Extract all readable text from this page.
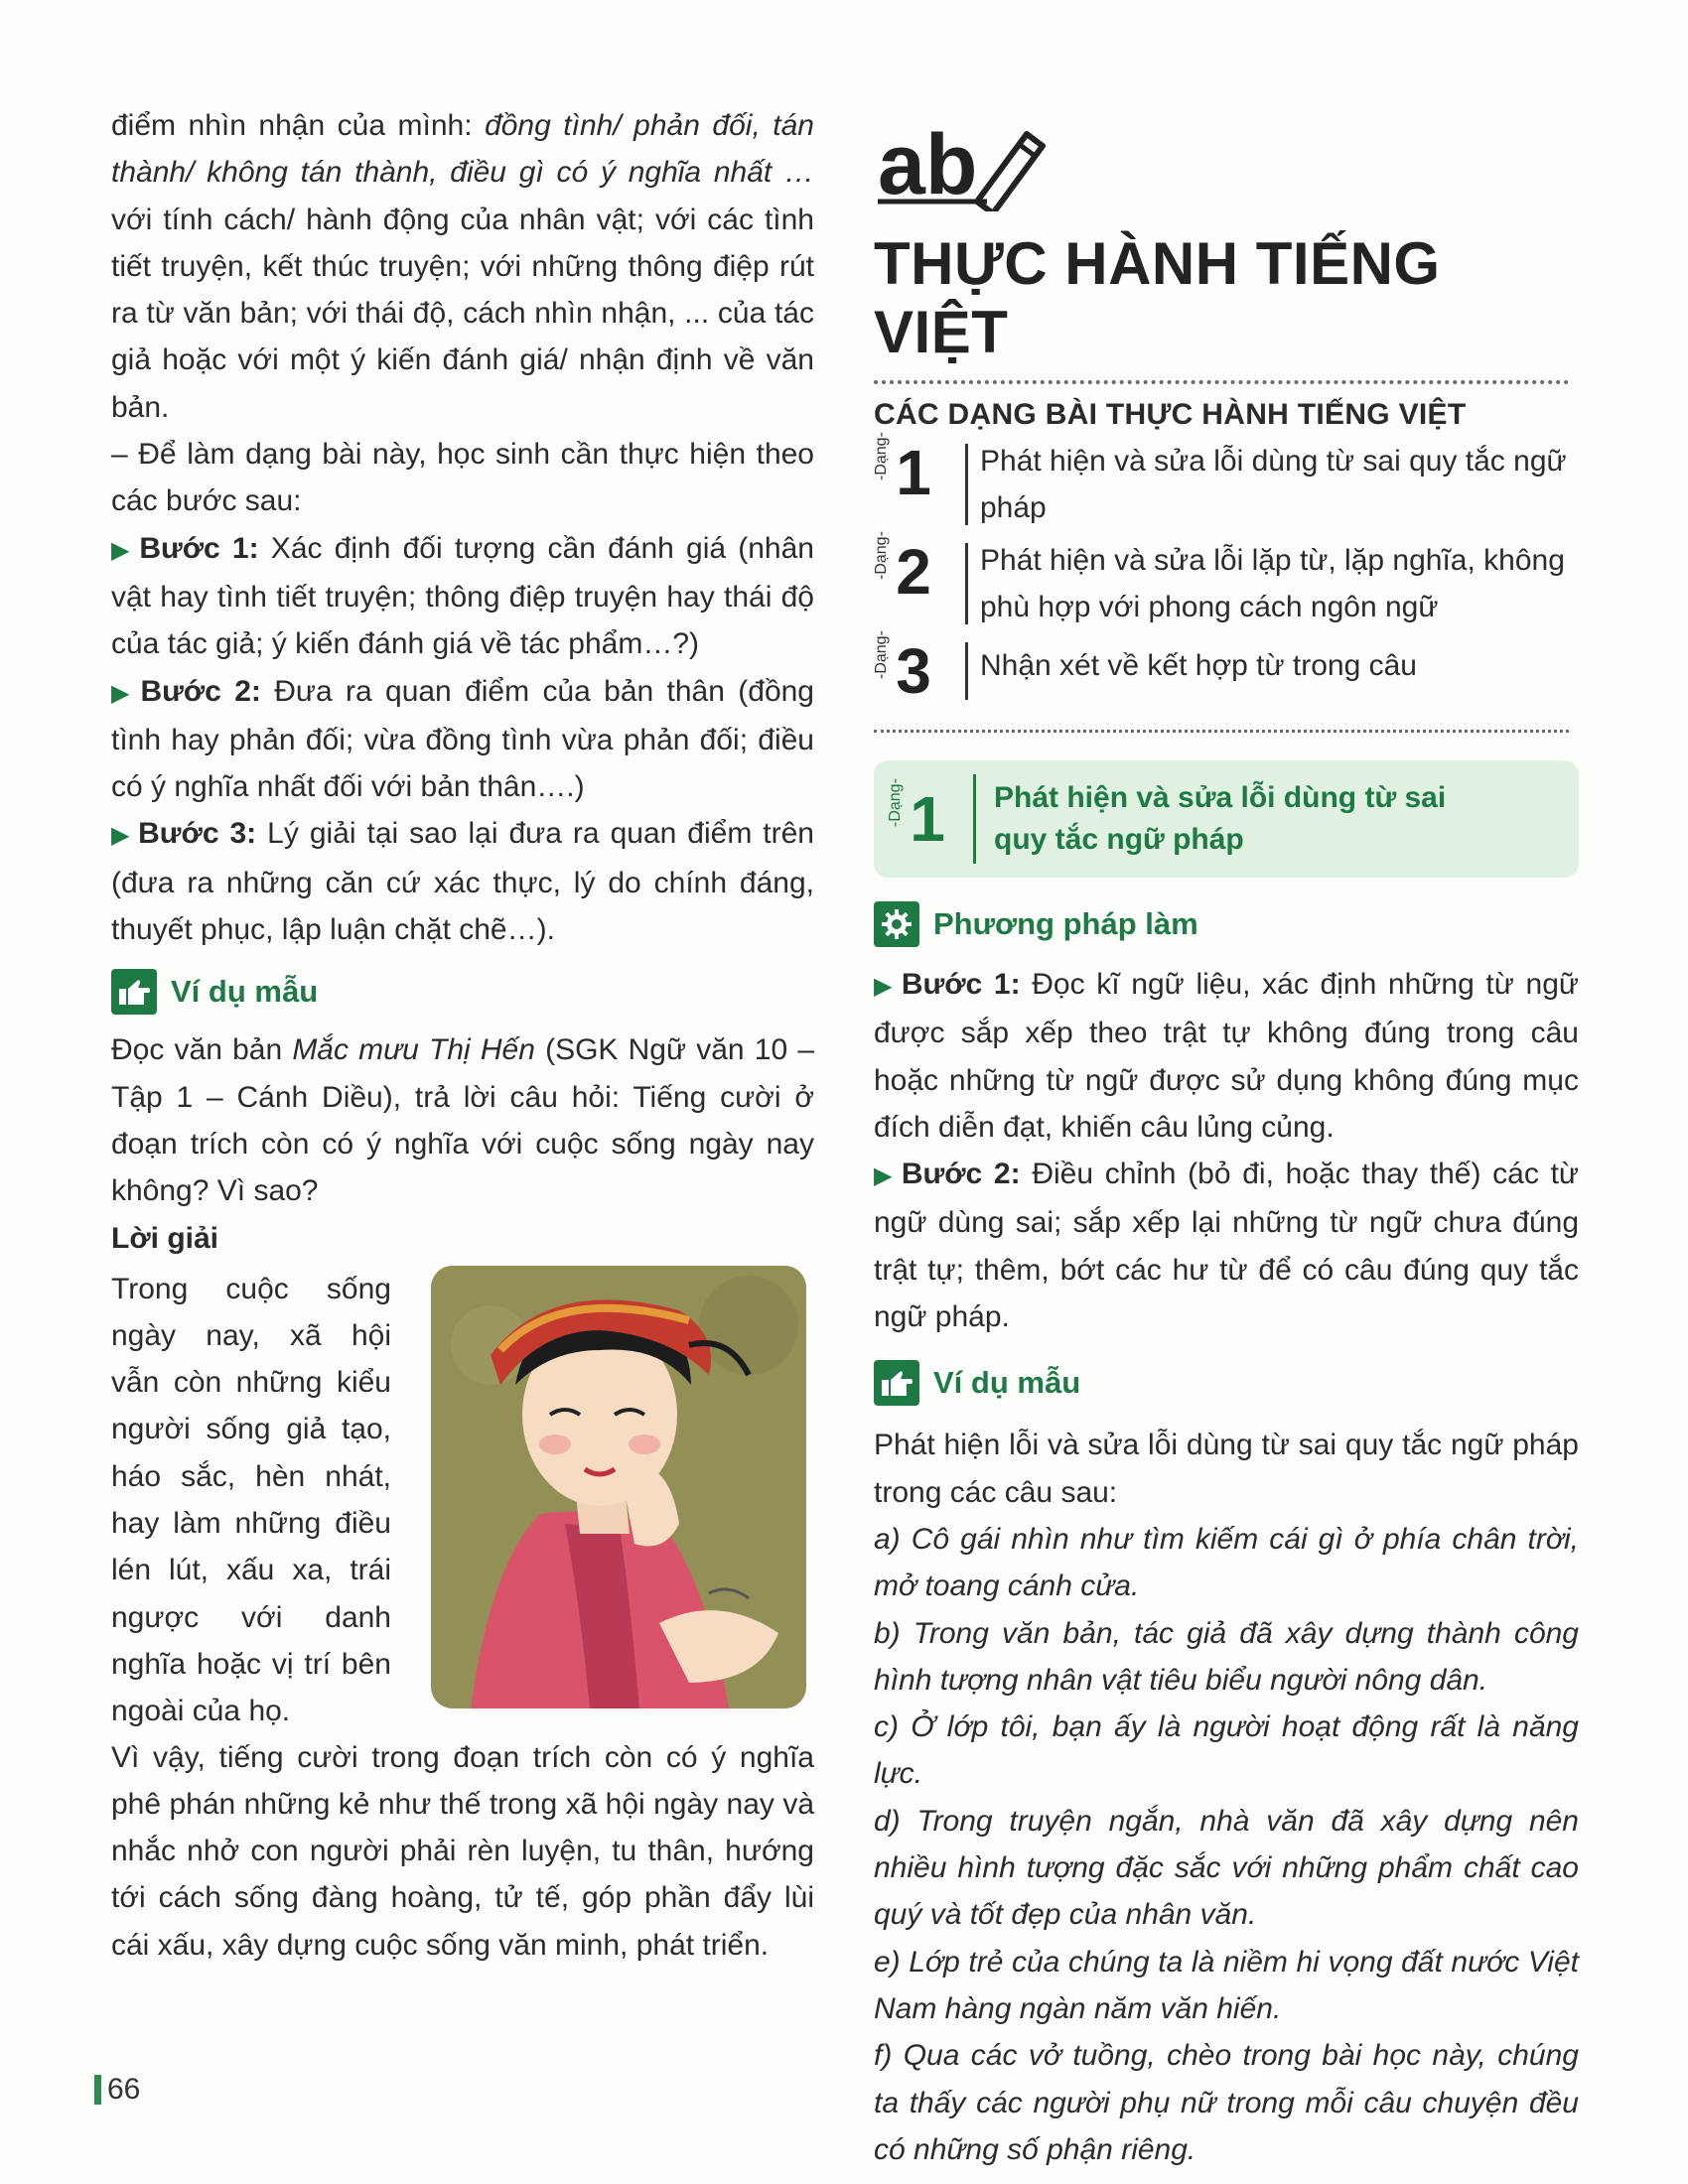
điểm nhìn nhận của mình: đồng tình/ phản đối, tán thành/ không tán thành, điều gì có ý nghĩa nhất … với tính cách/ hành động của nhân vật; với các tình tiết truyện, kết thúc truyện; với những thông điệp rút ra từ văn bản; với thái độ, cách nhìn nhận, ... của tác giả hoặc với một ý kiến đánh giá/ nhận định về văn bản.

– Để làm dạng bài này, học sinh cần thực hiện theo các bước sau:

▶ Bước 1: Xác định đối tượng cần đánh giá (nhân vật hay tình tiết truyện; thông điệp truyện hay thái độ của tác giả; ý kiến đánh giá về tác phẩm…?)

▶ Bước 2: Đưa ra quan điểm của bản thân (đồng tình hay phản đối; vừa đồng tình vừa phản đối; điều có ý nghĩa nhất đối với bản thân….)

▶ Bước 3: Lý giải tại sao lại đưa ra quan điểm trên (đưa ra những căn cứ xác thực, lý do chính đáng, thuyết phục, lập luận chặt chẽ…).

Ví dụ mẫu

Đọc văn bản Mắc mưu Thị Hến (SGK Ngữ văn 10 – Tập 1 – Cánh Diều), trả lời câu hỏi: Tiếng cười ở đoạn trích còn có ý nghĩa với cuộc sống ngày nay không? Vì sao?

Lời giải

Trong cuộc sống

ngày nay, xã hội

vẫn còn những kiểu

người sống giả tạo,

háo sắc, hèn nhát,

hay làm những điều

lén lút, xấu xa, trái

ngược với danh

nghĩa hoặc vị trí bên

ngoài của họ.

Vì vậy, tiếng cười trong đoạn trích còn có ý nghĩa phê phán những kẻ như thế trong xã hội ngày nay và nhắc nhở con người phải rèn luyện, tu thân, hướng tới cách sống đàng hoàng, tử tế, góp phần đẩy lùi cái xấu, xây dựng cuộc sống văn minh, phát triển.

ab
THỰC HÀNH TIẾNG VIỆT

CÁC DẠNG BÀI THỰC HÀNH TIẾNG VIỆT

-Dạng- 1 Phát hiện và sửa lỗi dùng từ sai quy tắc ngữ pháp
-Dạng- 2 Phát hiện và sửa lỗi lặp từ, lặp nghĩa, không phù hợp với phong cách ngôn ngữ
-Dạng- 3 Nhận xét về kết hợp từ trong câu
-Dạng- 1 Phát hiện và sửa lỗi dùng từ sai quy tắc ngữ pháp
Phương pháp làm

▶ Bước 1: Đọc kĩ ngữ liệu, xác định những từ ngữ được sắp xếp theo trật tự không đúng trong câu hoặc những từ ngữ được sử dụng không đúng mục đích diễn đạt, khiến câu lủng củng.

▶ Bước 2: Điều chỉnh (bỏ đi, hoặc thay thế) các từ ngữ dùng sai; sắp xếp lại những từ ngữ chưa đúng trật tự; thêm, bớt các hư từ để có câu đúng quy tắc ngữ pháp.

Ví dụ mẫu

Phát hiện lỗi và sửa lỗi dùng từ sai quy tắc ngữ pháp trong các câu sau:

a) Cô gái nhìn như tìm kiếm cái gì ở phía chân trời, mở toang cánh cửa.

b) Trong văn bản, tác giả đã xây dựng thành công hình tượng nhân vật tiêu biểu người nông dân.

c) Ở lớp tôi, bạn ấy là người hoạt động rất là năng lực.

d) Trong truyện ngắn, nhà văn đã xây dựng nên nhiều hình tượng đặc sắc với những phẩm chất cao quý và tốt đẹp của nhân văn.

e) Lớp trẻ của chúng ta là niềm hi vọng đất nước Việt Nam hàng ngàn năm văn hiến.

f) Qua các vở tuồng, chèo trong bài học này, chúng ta thấy các người phụ nữ trong mỗi câu chuyện đều có những số phận riêng.

66
